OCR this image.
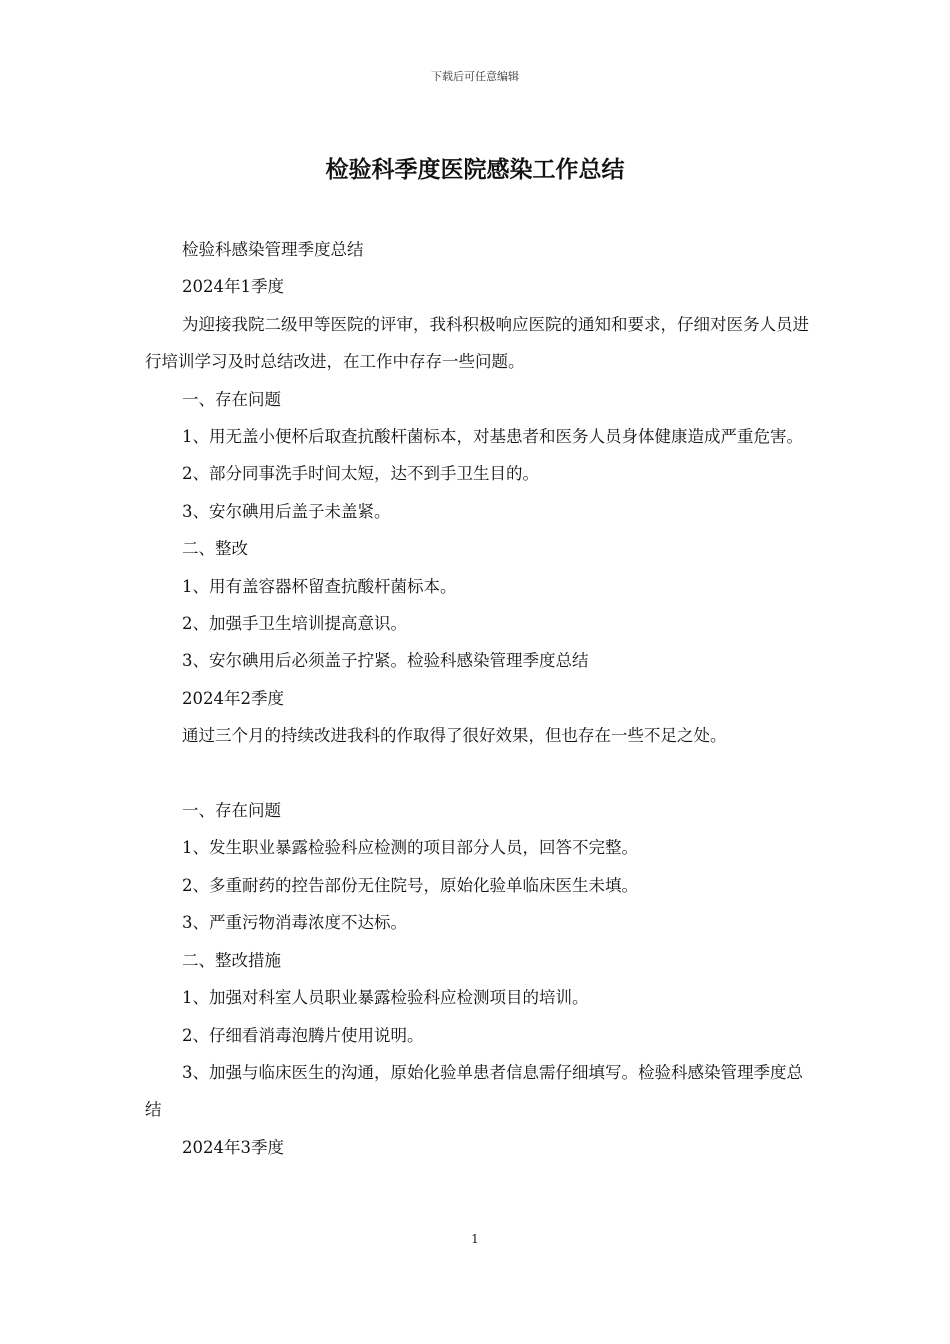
下载后可任意编辑
检验科季度医院感染工作总结

检验科感染管理季度总结

2024年1季度

为迎接我院二级甲等医院的评审，我科积极响应医院的通知和要求，仔细对医务人员进行培训学习及时总结改进，在工作中存存一些问题。

一、存在问题

1、用无盖小便杯后取查抗酸杆菌标本，对基患者和医务人员身体健康造成严重危害。

2、部分同事洗手时间太短，达不到手卫生目的。

3、安尔碘用后盖子未盖紧。

二、整改

1、用有盖容器杯留查抗酸杆菌标本。

2、加强手卫生培训提高意识。

3、安尔碘用后必须盖子拧紧。检验科感染管理季度总结

2024年2季度

通过三个月的持续改进我科的作取得了很好效果，但也存在一些不足之处。

一、存在问题

1、发生职业暴露检验科应检测的项目部分人员，回答不完整。

2、多重耐药的控告部份无住院号，原始化验单临床医生未填。

3、严重污物消毒浓度不达标。

二、整改措施

1、加强对科室人员职业暴露检验科应检测项目的培训。

2、仔细看消毒泡腾片使用说明。

3、加强与临床医生的沟通，原始化验单患者信息需仔细填写。检验科感染管理季度总结

2024年3季度

1
